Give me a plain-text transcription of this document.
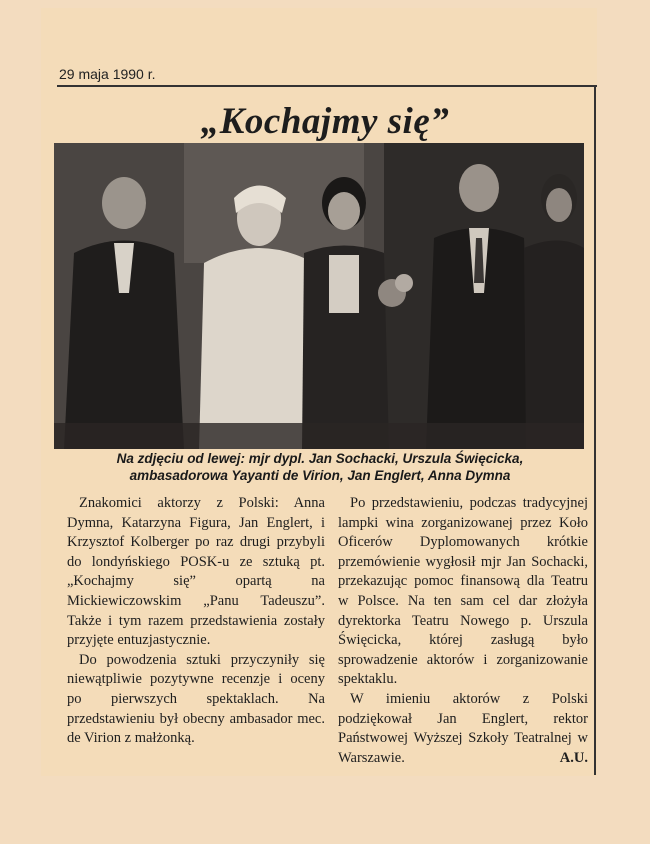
29 maja 1990 r.

„Kochajmy się”

Na zdjęciu od lewej: mjr dypl. Jan Sochacki, Urszula Święcicka,
ambasadorowa Yayanti de Virion, Jan Englert, Anna Dymna

Znakomici aktorzy z Polski: Anna Dymna, Katarzyna Figura, Jan Englert, i Krzysztof Kolberger po raz drugi przybyli do londyńskiego POSK-u ze sztuką pt. „Kochajmy się” opartą na Mickiewiczowskim „Panu Tadeuszu”. Także i tym razem przedstawienia zostały przyjęte entuzjastycznie.

Do powodzenia sztuki przyczyniły się niewątpliwie pozytywne recenzje i oceny po pierwszych spektaklach. Na przedstawieniu był obecny ambasador mec. de Virion z małżonką.

Po przedstawieniu, podczas tradycyjnej lampki wina zorganizowanej przez Koło Oficerów Dyplomowanych krótkie przemówienie wygłosił mjr Jan Sochacki, przekazując pomoc finansową dla Teatru w Polsce. Na ten sam cel dar złożyła dyrektorka Teatru Nowego p. Urszula Święcicka, której zasługą było sprowadzenie aktorów i zorganizowanie spektaklu.

W imieniu aktorów z Polski podziękował Jan Englert, rektor Państwowej Wyższej Szkoły Teatralnej w Warszawie.	A.U.
